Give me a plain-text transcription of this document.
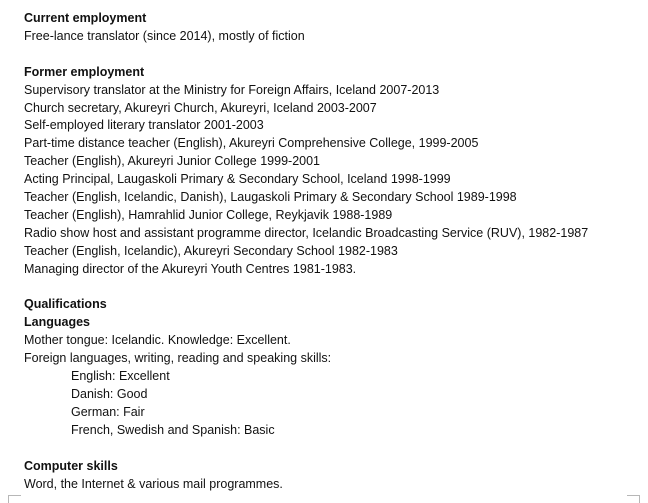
Current employment
Free-lance translator (since 2014), mostly of fiction
Former employment
Supervisory translator at the Ministry for Foreign Affairs, Iceland 2007-2013
Church secretary, Akureyri Church, Akureyri, Iceland 2003-2007
Self-employed literary translator 2001-2003
Part-time distance teacher (English), Akureyri Comprehensive College, 1999-2005
Teacher (English), Akureyri Junior College 1999-2001
Acting Principal, Laugaskoli Primary & Secondary School, Iceland 1998-1999
Teacher (English, Icelandic, Danish), Laugaskoli Primary & Secondary School 1989-1998
Teacher (English), Hamrahlid Junior College, Reykjavik 1988-1989
Radio show host and assistant programme director, Icelandic Broadcasting Service (RUV), 1982-1987
Teacher (English, Icelandic), Akureyri Secondary School 1982-1983
Managing director of the Akureyri Youth Centres 1981-1983.
Qualifications
Languages
Mother tongue: Icelandic. Knowledge: Excellent.
Foreign languages, writing, reading and speaking skills:
English: Excellent
Danish: Good
German: Fair
French, Swedish and Spanish: Basic
Computer skills
Word, the Internet & various mail programmes.
